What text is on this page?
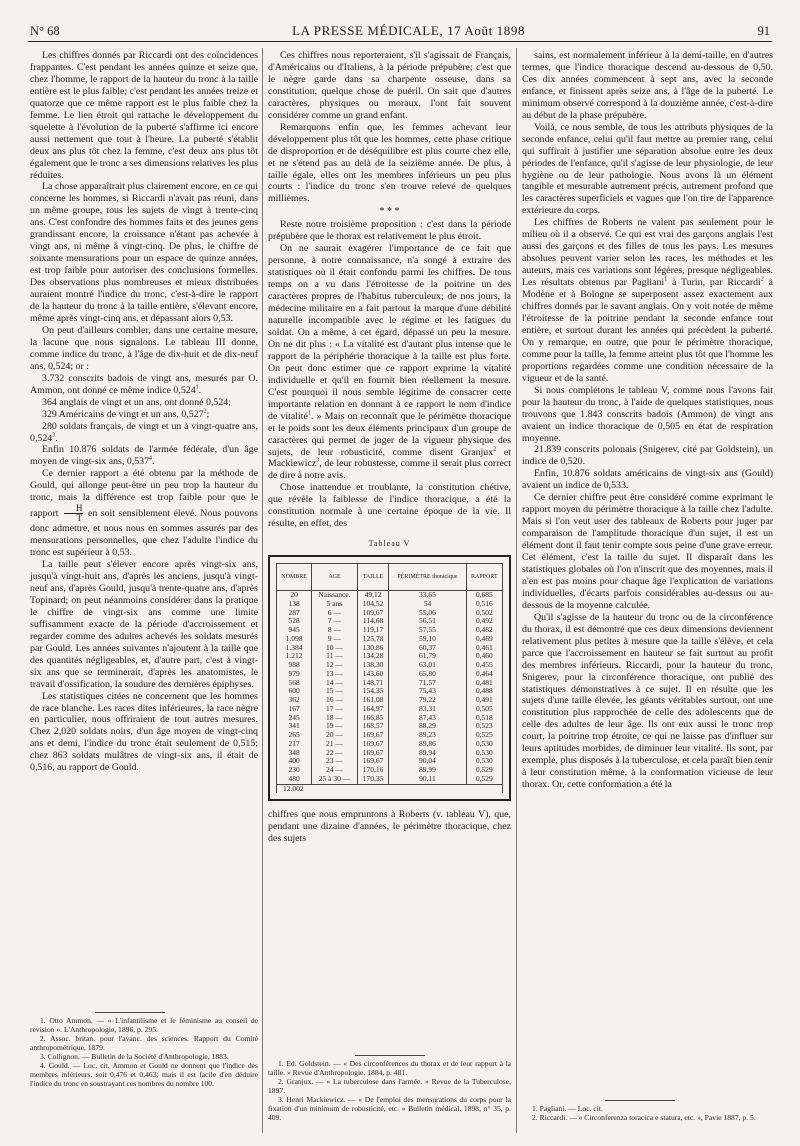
N° 68	LA PRESSE MÉDICALE, 17 Août 1898	91

Les chiffres donnés par Riccardi ont des coïncidences frappantes. C'est pendant les années quinze et seize que, chez l'homme, le rapport de la hauteur du tronc à la taille entière est le plus faible; c'est pendant les années treize et quatorze que ce même rapport est le plus faible chez la femme. Le lien étroit qui rattache le développement du squelette à l'évolution de la puberté s'affirme ici encore aussi nettement que tout à l'heure. La puberté s'établit deux ans plus tôt chez la femme, c'est deux ans plus tôt également que le tronc a ses dimensions relatives les plus réduites.

La chose apparaîtrait plus clairement encore, en ce qui concerne les hommes, si Riccardi n'avait pas réuni, dans un même groupe, tous les sujets de vingt à trente-cinq ans. C'est confondre des hommes faits et des jeunes gens grandissant encore, la croissance n'étant pas achevée à vingt ans, ni même à vingt-cinq. De plus, le chiffre de soixante mensurations pour un espace de quinze années, est trop faible pour autoriser des conclusions formelles. Des observations plus nombreuses et mieux distribuées auraient montré l'indice du tronc, c'est-à-dire le rapport de la hauteur du tronc à la taille entière, s'élevant encore, même après vingt-cinq ans, et dépassant alors 0,53.

On peut d'ailleurs combler, dans une certaine mesure, la lacune que nous signalons. Le tableau III donne, comme indice du tronc, à l'âge de dix-huit et de dix-neuf ans, 0,524; or :

3.732 conscrits badois de vingt ans, mesurés par O. Ammon, ont donné ce même indice 0,524$^1$.

364 anglais de vingt et un ans, ont donné 0,524;

329 Américains de vingt et un ans, 0,527$^2$;

280 soldats français, de vingt et un à vingt-quatre ans, 0,524$^3$.

Enfin 10.876 soldats de l'armée fédérale, d'un âge moyen de vingt-six ans, 0,537$^4$.

Ce dernier rapport a été obtenu par la méthode de Gould, qui allonge peut-être un peu trop la hauteur du tronc, mais la différence est trop faible pour que le rapport $\frac{H}{T}$ en soit sensiblement élevé. Nous pouvons donc admettre, et nous nous en sommes assurés par des mensurations personnelles, que chez l'adulte l'indice du tronc est supérieur à 0,53.

La taille peut s'élever encore après vingt-six ans, jusqu'à vingt-huit ans, d'après les anciens, jusqu'à vingt-neuf ans, d'après Gould, jusqu'à trente-quatre ans, d'après Topinard; on peut néanmoins considérer dans la pratique le chiffre de vingt-six ans comme une limite suffisamment exacte de la période d'accroissement et regarder comme des adultes achevés les soldats mesurés par Gould. Les années suivantes n'ajoutent à la taille que des quantités négligeables, et, d'autre part, c'est à vingt-six ans que se terminerait, d'après les anatomistes, le travail d'ossification, la soudure des dernières épiphyses.

Les statistiques citées ne concernent que les hommes de race blanche. Les races dites inférieures, la race nègre en particulier, nous offriraient de tout autres mesures. Chez 2,020 soldats noirs, d'un âge moyen de vingt-cinq ans et demi, l'indice du tronc était seulement de 0,515; chez 863 soldats mulâtres de vingt-six ans, il était de 0,516, au rapport de Gould.

1. Otto Ammon. — « L'infantilisme et le féminisme au conseil de revision ». L'Anthropologie, 1896, p. 295.
2. Assoc. britan. pour l'avanc. des sciences. Rapport du Comité anthropométrique, 1879.
3. Collignon. — Bulletin de la Société d'Anthropologie, 1883.
4. Gould. — Loc. cit. Ammon et Gould ne donnent que l'indice des membres inférieurs, soit 0,476 et 0,463; mais il est facile d'en déduire l'indice du tronc en soustrayant ces nombres du nombre 100.

Ces chiffres nous reporteraient, s'il s'agissait de Français, d'Américains ou d'Italiens, à la période prépubère; c'est que le nègre garde dans sa charpente osseuse, dans sa constitution, quelque chose de puéril. On sait que d'autres caractères, physiques ou moraux, l'ont fait souvent considérer comme un grand enfant.

Remarquons enfin que, les femmes achevant leur développement plus tôt que les hommes, cette phase critique de disproportion et de déséquilibre est plus courte chez elle, et ne s'étend pas au delà de la seizième année. De plus, à taille égale, elles ont les membres inférieurs un peu plus courts : l'indice du tronc s'en trouve relevé de quelques millièmes.

* * *

Reste notre troisième proposition : c'est dans la période prépubère que le thorax est relativement le plus étroit.

On ne saurait exagérer l'importance de ce fait que personne, à notre connaissance, n'a songé à extraire des statistiques où il était confondu parmi les chiffres. De tous temps on a vu dans l'étroitesse de la poitrine un des caractères propres de l'habitus tuberculeux; de nos jours, la médecine militaire en a fait partout la marque d'une débilité naturelle incompatible avec le régime et les fatigues du soldat. On a même, à cet égard, dépassé un peu la mesure. On ne dit plus : « La vitalité est d'autant plus intense que le rapport de la périphérie thoracique à la taille est plus forte. On peut donc estimer que ce rapport exprime la vitalité individuelle et qu'il en fournit bien réellement la mesure. C'est pourquoi il nous semble légitime de consacrer cette importante relation en donnant à ce rapport le nom d'indice de vitalité$^1$. » Mais on reconnaît que le périmètre thoracique et le poids sont les deux éléments principaux d'un groupe de caractères qui permet de juger de la vigueur physique des sujets, de leur robusticité, comme disent Granjux$^2$ et Mackiewicz$^3$, de leur robustesse, comme il serait plus correct de dire à notre avis.

Chose inattendue et troublante, la constitution chétive, que révèle la faiblesse de l'indice thoracique, a été la constitution normale à une certaine époque de la vie. Il résulte, en effet, des

Tableau V
NOMBRE	AGE	TAILLE	PÉRIMÈTRE thoracique	RAPPORT
20	Naissance.	49,12	33,65	0,685
138	5 ans	104,52	54	0,516
287	6 —	109,67	55,06	0,502
528	7 —	114,68	56,51	0,492
945	8 —	119,17	57,55	0,482
1.098	9 —	125,78	59,10	0,469
1.384	10 —	130,86	60,37	0,461
1.212	11 —	134,28	61,79	0,460
988	12 —	138,30	63,01	0,455
979	13 —	143,60	65,80	0,464
568	14 —	148,71	71,57	0,481
600	15 —	154,35	75,43	0,488
362	16 —	161,08	79,22	0,491
167	17 —	164,97	83,31	0,505
245	18 —	166,85	87,43	0,518
341	19 —	168,57	88,29	0,523
265	20 —	169,67	89,23	0,525
217	21 —	169,67	89,86	0,530
348	22 —	169,67	89,94	0,530
400	23 —	169,67	90,04	0,530
230	24 —	170,16	89,99	0,529
480	25 à 30 —	170,35	90,11	0,529
12.002				

chiffres que nous empruntons à Roberts (v. tableau V), que, pendant une dizaine d'années, le périmètre thoracique, chez des sujets

1. Ed. Goldstein. — « Des circonférences du thorax et de leur rapport à la taille. » Revue d'Anthropologie, 1884, p. 481.
2. Granjux. — « La tuberculose dans l'armée. » Revue de la Tuberculose, 1897.
3. Henri Mackiewicz. — « De l'emploi des mensurations du corps pour la fixation d'un minimum de robusticité, etc. » Bulletin médical, 1898, n° 35, p. 409.

sains, est normalement inférieur à la demi-taille, en d'autres termes, que l'indice thoracique descend au-dessous de 0,50. Ces dix années commencent à sept ans, avec la seconde enfance, et finissent après seize ans, à l'âge de la puberté. Le minimum observé correspond à la douzième année, c'est-à-dire au début de la phase prépubère.

Voilà, ce nous semble, de tous les attributs physiques de la seconde enfance, celui qu'il faut mettre au premier rang, celui qui suffirait à justifier une séparation absolue entre les deux périodes de l'enfance, qu'il s'agisse de leur physiologie, de leur hygiène ou de leur pathologie. Nous avons là un élément tangible et mesurable autrement précis, autrement profond que les caractères superficiels et vagues que l'on tire de l'apparence extérieure du corps.

Les chiffres de Roberts ne valent pas seulement pour le milieu où il a observé. Ce qui est vrai des garçons anglais l'est aussi des garçons et des filles de tous les pays. Les mesures absolues peuvent varier selon les races, les méthodes et les auteurs, mais ces variations sont légères, presque négligeables. Les résultats obtenus par Pagliani$^1$ à Turin, par Riccardi$^2$ à Modène et à Bologne se superposent assez exactement aux chiffres donnés par le savant anglais. On y voit notée de même l'étroitesse de la poitrine pendant la seconde enfance tout entière, et surtout durant les années qui précèdent la puberté. On y remarque, en outre, que pour le périmètre thoracique, comme pour la taille, la femme atteint plus tôt que l'homme les proportions regardées comme une condition nécessaire de la vigueur et de la santé.

Si nous complétons le tableau V, comme nous l'avons fait pour la hauteur du tronc, à l'aide de quelques statistiques, nous trouvons que 1.843 conscrits badois (Ammon) de vingt ans avaient un indice thoracique de 0,505 en état de respiration moyenne.

21.839 conscrits polonais (Snigerev, cité par Goldstein), un indice de 0,520.

Enfin, 10.876 soldats américains de vingt-six ans (Gould) avaient un indice de 0,533.

Ce dernier chiffre peut être considéré comme exprimant le rapport moyen du périmètre thoracique à la taille chez l'adulte. Mais si l'on veut user des tableaux de Roberts pour juger par comparaison de l'amplitude thoracique d'un sujet, il est un élément dont il faut tenir compte sous peine d'une grave erreur. Cet élément, c'est la taille du sujet. Il disparaît dans les statistiques globales où l'on n'inscrit que des moyennes, mais il n'en est pas moins pour chaque âge l'explication de variations individuelles, d'écarts parfois considérables au-dessus ou au-dessous de la moyenne calculée.

Qu'il s'agisse de la hauteur du tronc ou de la circonférence du thorax, il est démontré que ces deux dimensions deviennent relativement plus petites à mesure que la taille s'élève, et cela parce que l'accroissement en hauteur se fait surtout au profit des membres inférieurs. Riccardi, pour la hauteur du tronc, Snigerev, pour la circonférence thoracique, ont publié des statistiques démonstratives à ce sujet. Il en résulte que les sujets d'une taille élevée, les géants véritables surtout, ont une constitution plus rapprochée de celle des adolescents que de celle des adultes de leur âge. Ils ont eux aussi le tronc trop court, la poitrine trop étroite, ce qui ne laisse pas d'influer sur leurs aptitudes morbides, de diminuer leur vitalité. Ils sont, par exemple, plus disposés à la tuberculose, et cela paraît bien tenir à leur constitution même, à la conformation vicieuse de leur thorax. Or, cette conformation a été la

1. Pagliani. — Loc. cit.
2. Riccardi. — « Circonferenza toracica e statura, etc. », Pavie 1887, p. 5.
